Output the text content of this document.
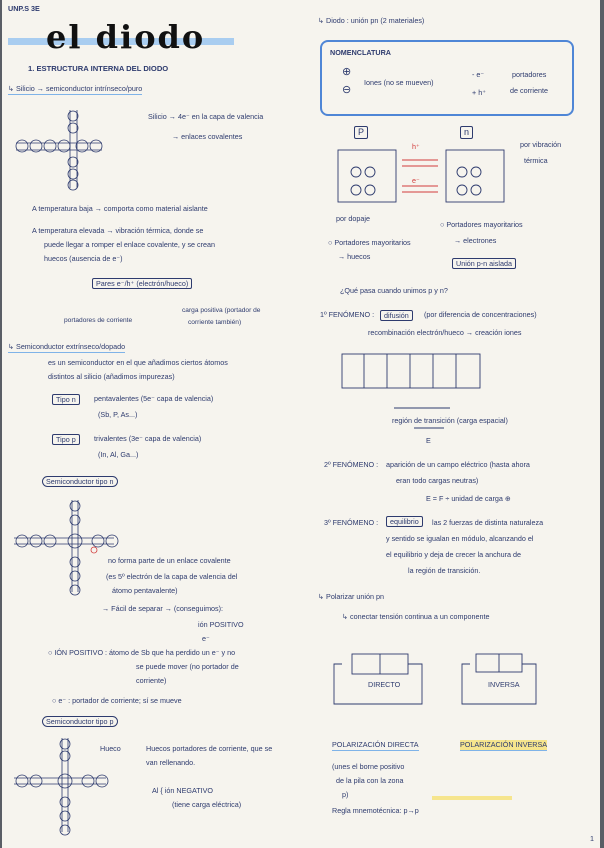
UNP.S 3E
el diodo
1
1. ESTRUCTURA INTERNA DEL DIODO
↳ Silicio → semiconductor intrínseco/puro
Silicio → 4e⁻ en la capa de valencia
→ enlaces covalentes
A temperatura baja → comporta como material aislante
A temperatura elevada → vibración térmica, donde se
puede llegar a romper el enlace covalente, y se crean
huecos (ausencia de e⁻)
Pares e⁻/h⁺ (electrón/hueco)
portadores de corriente
carga positiva (portador de
corriente también)
↳ Semiconductor extrínseco/dopado
es un semiconductor en el que añadimos ciertos átomos
distintos al silicio (añadimos impurezas)
Tipo n	pentavalentes (5e⁻ capa de valencia)
(Sb, P, As...)
Tipo p	trivalentes (3e⁻ capa de valencia)
(In, Al, Ga...)
Semiconductor tipo n
no forma parte de un enlace covalente
(es 5º electrón de la capa de valencia del
átomo pentavalente)
→ Fácil de separar → (conseguimos):
ión POSITIVO
e⁻
○ IÓN POSITIVO : átomo de Sb que ha perdido un e⁻ y no
se puede mover (no portador de
corriente)
○ e⁻ : portador de corriente; sí se mueve
Semiconductor tipo p
Hueco	Huecos portadores de corriente, que se
van rellenando.
Al { ión NEGATIVO
(tiene carga eléctrica)
↳ Diodo : unión pn (2 materiales)
NOMENCLATURA
⊕
⊖
Iones (no se mueven)
- e⁻
+ h⁺
portadores
de corriente
P	n
h⁺
e⁻
por vibración
térmica
por dopaje
○ Portadores mayoritarios
→ electrones
○ Portadores mayoritarios
→ huecos
Unión p-n aislada
¿Qué pasa cuando unimos p y n?
1º FENÓMENO :	difusión	(por diferencia de concentraciones)
recombinación electrón/hueco → creación iones
región de transición (carga espacial)
E
2º FENÓMENO : aparición de un campo eléctrico (hasta ahora
eran todo cargas neutras)
E = F ÷ unidad de carga ⊕
3º FENÓMENO :	equilibrio	las 2 fuerzas de distinta naturaleza
y sentido se igualan en módulo, alcanzando el
el equilibrio y deja de crecer la anchura de
la región de transición.
↳ Polarizar unión pn
↳ conectar tensión continua a un componente
DIRECTO	INVERSA
POLARIZACIÓN DIRECTA	POLARIZACIÓN INVERSA
(unes el borne positivo
de la pila con la zona
p)
Regla mnemotécnica: p→p
